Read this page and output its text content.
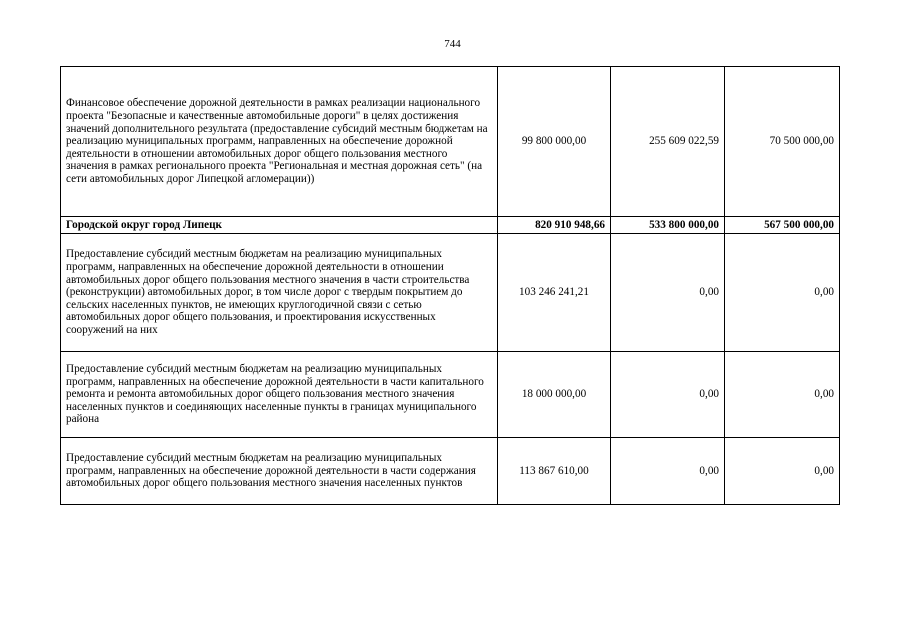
744
Финансовое обеспечение дорожной деятельности в рамках реализации национального проекта "Безопасные и качественные автомобильные дороги" в целях достижения значений дополнительного результата (предоставление субсидий местным бюджетам на реализацию муниципальных программ, направленных на обеспечение дорожной деятельности в отношении автомобильных дорог общего пользования местного значения в рамках регионального проекта "Региональная и местная дорожная сеть" (на сети автомобильных дорог Липецкой агломерации))	99 800 000,00	255 609 022,59	70 500 000,00
Городской округ город Липецк	820 910 948,66	533 800 000,00	567 500 000,00
Предоставление субсидий местным бюджетам на реализацию муниципальных программ, направленных на обеспечение дорожной деятельности в отношении автомобильных дорог общего пользования местного значения в части строительства (реконструкции) автомобильных дорог, в том числе дорог с твердым покрытием до сельских населенных пунктов, не имеющих круглогодичной связи с сетью автомобильных дорог общего пользования, и проектирования искусственных сооружений на них	103 246 241,21	0,00	0,00
Предоставление субсидий местным бюджетам на реализацию муниципальных программ, направленных на обеспечение дорожной деятельности в части капитального ремонта и ремонта автомобильных дорог общего пользования местного значения населенных пунктов и соединяющих населенные пункты в границах муниципального района	18 000 000,00	0,00	0,00
Предоставление субсидий местным бюджетам на реализацию муниципальных программ, направленных на обеспечение дорожной деятельности в части содержания автомобильных дорог общего пользования местного значения населенных пунктов	113 867 610,00	0,00	0,00
